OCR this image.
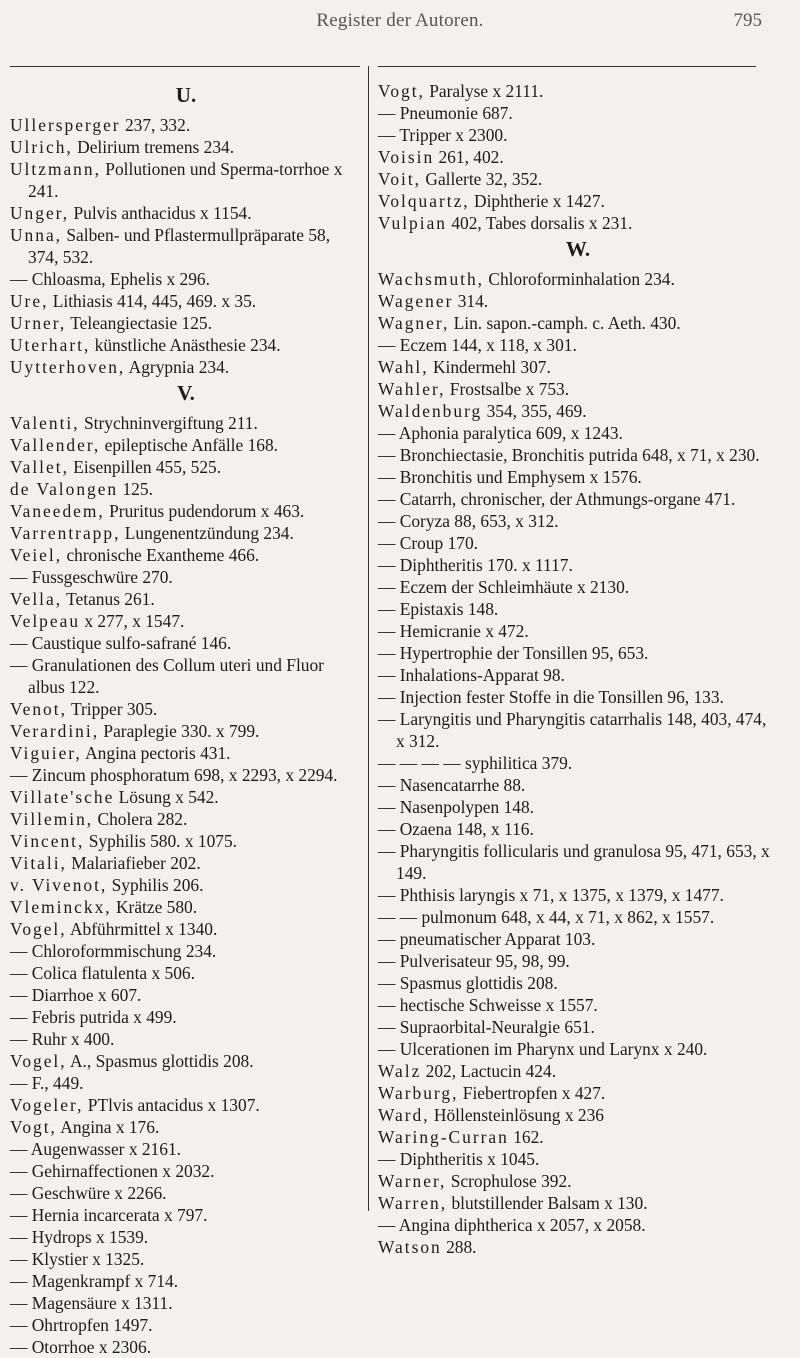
Register der Autoren.	795
U.
Ullersperger 237, 332.
Ulrich, Delirium tremens 234.
Ultzmann, Pollutionen und Sperma-torrhoe x 241.
Unger, Pulvis anthacidus x 1154.
Unna, Salben- und Pflastermullpräparate 58, 374, 532.
— Chloasma, Ephelis x 296.
Ure, Lithiasis 414, 445, 469. x 35.
Urner, Teleangiectasie 125.
Uterhart, künstliche Anästhesie 234.
Uytterhoven, Agrypnia 234.
V.
Valenti, Strychninvergiftung 211.
Vallender, epileptische Anfälle 168.
Vallet, Eisenpillen 455, 525.
de Valongen 125.
Vaneedem, Pruritus pudendorum x 463.
Varrentrapp, Lungenentzündung 234.
Veiel, chronische Exantheme 466.
— Fussgeschwüre 270.
Vella, Tetanus 261.
Velpeau x 277, x 1547.
— Caustique sulfo-safrané 146.
— Granulationen des Collum uteri und Fluor albus 122.
Venot, Tripper 305.
Verardini, Paraplegie 330. x 799.
Viguier, Angina pectoris 431.
— Zincum phosphoratum 698, x 2293, x 2294.
Villate'sche Lösung x 542.
Villemin, Cholera 282.
Vincent, Syphilis 580. x 1075.
Vitali, Malariafieber 202.
v. Vivenot, Syphilis 206.
Vleminckx, Krätze 580.
Vogel, Abführmittel x 1340.
— Chloroformmischung 234.
— Colica flatulenta x 506.
— Diarrhoe x 607.
— Febris putrida x 499.
— Ruhr x 400.
Vogel, A., Spasmus glottidis 208.
— F., 449.
Vogeler, PTlvis antacidus x 1307.
Vogt, Angina x 176.
— Augenwasser x 2161.
— Gehirnaffectionen x 2032.
— Geschwüre x 2266.
— Hernia incarcerata x 797.
— Hydrops x 1539.
— Klystier x 1325.
— Magenkrampf x 714.
— Magensäure x 1311.
— Ohrtropfen 1497.
— Otorrhoe x 2306.
Vogt, Paralyse x 2111.
— Pneumonie 687.
— Tripper x 2300.
Voisin 261, 402.
Voit, Gallerte 32, 352.
Volquartz, Diphtherie x 1427.
Vulpian 402, Tabes dorsalis x 231.
W.
Wachsmuth, Chloroforminhalation 234.
Wagener 314.
Wagner, Lin. sapon.-camph. c. Aeth. 430.
— Eczem 144, x 118, x 301.
Wahl, Kindermehl 307.
Wahler, Frostsalbe x 753.
Waldenburg 354, 355, 469.
— Aphonia paralytica 609, x 1243.
— Bronchiectasie, Bronchitis putrida 648, x 71, x 230.
— Bronchitis und Emphysem x 1576.
— Catarrh, chronischer, der Athmungs-organe 471.
— Coryza 88, 653, x 312.
— Croup 170.
— Diphtheritis 170. x 1117.
— Eczem der Schleimhäute x 2130.
— Epistaxis 148.
— Hemicranie x 472.
— Hypertrophie der Tonsillen 95, 653.
— Inhalations-Apparat 98.
— Injection fester Stoffe in die Tonsillen 96, 133.
— Laryngitis und Pharyngitis catarrhalis 148, 403, 474, x 312.
— — — — syphilitica 379.
— Nasencatarrhe 88.
— Nasenpolypen 148.
— Ozaena 148, x 116.
— Pharyngitis follicularis und granulosa 95, 471, 653, x 149.
— Phthisis laryngis x 71, x 1375, x 1379, x 1477.
— — pulmonum 648, x 44, x 71, x 862, x 1557.
— pneumatischer Apparat 103.
— Pulverisateur 95, 98, 99.
— Spasmus glottidis 208.
— hectische Schweisse x 1557.
— Supraorbital-Neuralgie 651.
— Ulcerationen im Pharynx und Larynx x 240.
Walz 202, Lactucin 424.
Warburg, Fiebertropfen x 427.
Ward, Höllensteinlösung x 236
Waring-Curran 162.
— Diphtheritis x 1045.
Warner, Scrophulose 392.
Warren, blutstillender Balsam x 130.
— Angina diphtherica x 2057, x 2058.
Watson 288.
